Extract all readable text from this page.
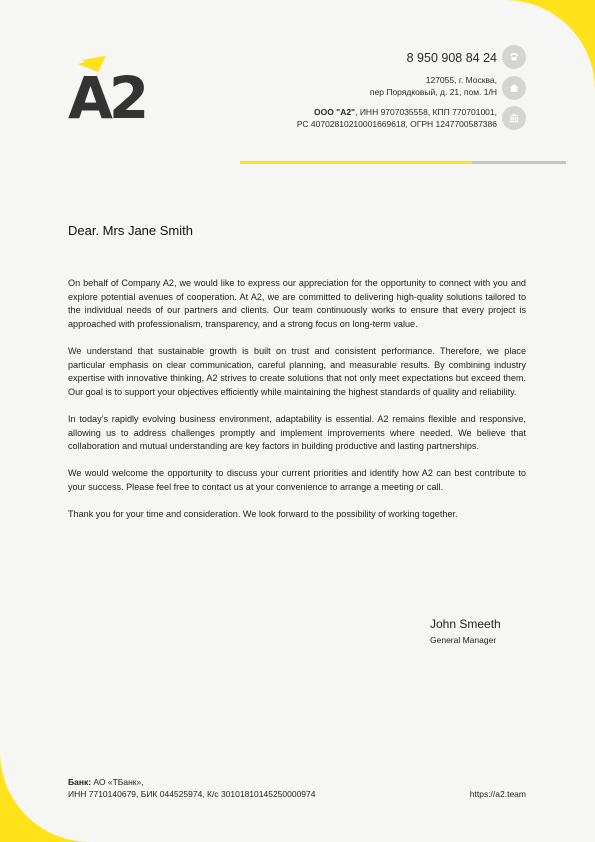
A2
8 950 908 84 24
127055, г. Москва,
пер Порядковый, д. 21, пом. 1/Н
ООО "A2", ИНН 9707035558, КПП 770701001,
РС 40702810210001669618, ОГРН 1247700587386
Dear. Mrs Jane Smith

On behalf of Company A2, we would like to express our appreciation for the opportunity to connect with you and explore potential avenues of cooperation. At A2, we are committed to delivering high-quality solutions tailored to the individual needs of our partners and clients. Our team continuously works to ensure that every project is approached with professionalism, transparency, and a strong focus on long-term value.

We understand that sustainable growth is built on trust and consistent performance. Therefore, we place particular emphasis on clear communication, careful planning, and measurable results. By combining industry expertise with innovative thinking, A2 strives to create solutions that not only meet expectations but exceed them. Our goal is to support your objectives efficiently while maintaining the highest standards of quality and reliability.

In today’s rapidly evolving business environment, adaptability is essential. A2 remains flexible and responsive, allowing us to address challenges promptly and implement improvements where needed. We believe that collaboration and mutual understanding are key factors in building productive and lasting partnerships.

We would welcome the opportunity to discuss your current priorities and identify how A2 can best contribute to your success. Please feel free to contact us at your convenience to arrange a meeting or call.

Thank you for your time and consideration. We look forward to the possibility of working together.

John Smeeth
General Manager
Банк: АО «ТБанк»,
ИНН 7710140679, БИК 044525974, К/с 30101810145250000974	https://a2.team
